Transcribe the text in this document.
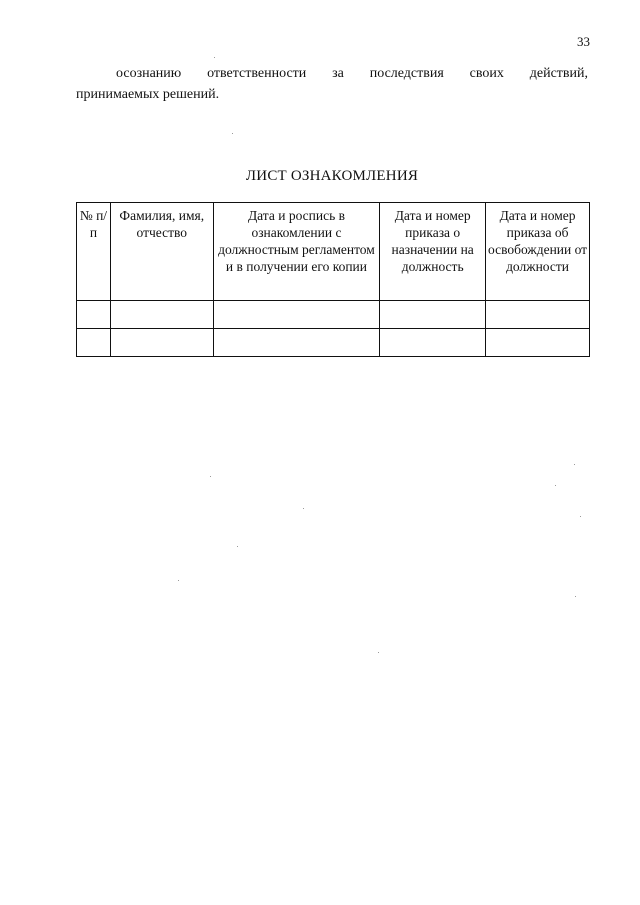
33
осознанию ответственности за последствия своих действий,
принимаемых решений.
ЛИСТ ОЗНАКОМЛЕНИЯ
№ п/п	Фамилия, имя, отчество	Дата и роспись в ознакомлении с должностным регламентом и в получении его копии	Дата и номер приказа о назначении на должность	Дата и номер приказа об освобождении от должности
